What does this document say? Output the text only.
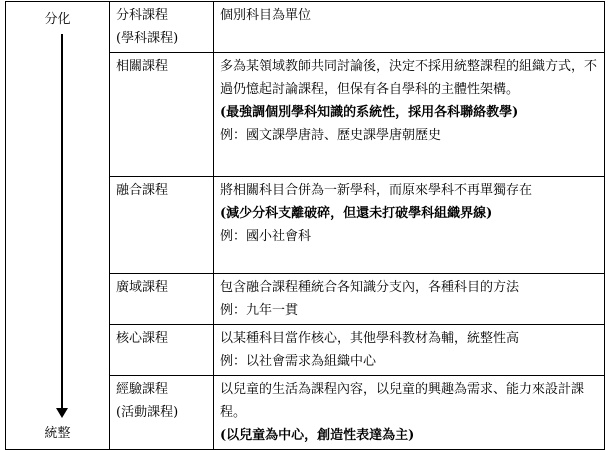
分化
統整	分科課程
(學科課程)	個別科目為單位

	相關課程	多為某領域教師共同討論後，決定不採用統整課程的組織方式，不過仍憶起討論課程，但保有各自學科的主體性架構。
(最強調個別學科知識的系統性，採用各科聯絡教學)
例：國文課學唐詩、歷史課學唐朝歷史

	融合課程	將相關科目合併為一新學科，而原來學科不再單獨存在
(減少分科支離破碎，但還未打破學科組織界線)
例：國小社會科

	廣域課程	包含融合課程種統合各知識分支內，各種科目的方法
例：九年一貫

	核心課程	以某種科目當作核心，其他學科教材為輔，統整性高
例：以社會需求為組織中心

	經驗課程
(活動課程)	以兒童的生活為課程內容，以兒童的興趣為需求、能力來設計課程。
(以兒童為中心，創造性表達為主)
